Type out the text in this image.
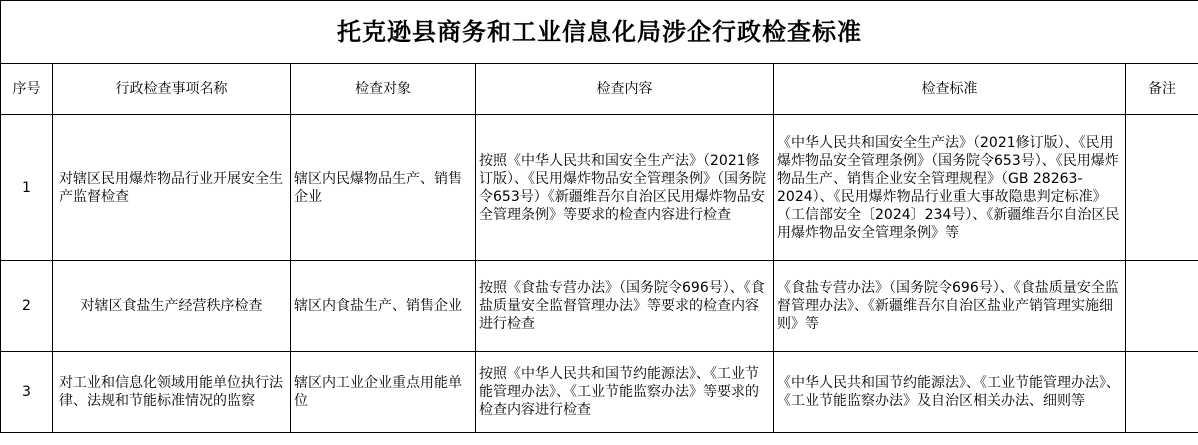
托克逊县商务和工业信息化局涉企行政检查标准					
序号	行政检查事项名称	检查对象	检查内容	检查标准	备注
1	对辖区民用爆炸物品行业开展安全生产监督检查	辖区内民爆物品生产、销售企业	按照《中华人民共和国安全生产法》（2021修订版）、《民用爆炸物品安全管理条例》（国务院令653号）《新疆维吾尔自治区民用爆炸物品安全管理条例》等要求的检查内容进行检查	《中华人民共和国安全生产法》（2021修订版）、《民用爆炸物品安全管理条例》（国务院令653号）、《民用爆炸物品生产、销售企业安全管理规程》（GB 28263-2024）、《民用爆炸物品行业重大事故隐患判定标准》（工信部安全〔2024〕234号）、《新疆维吾尔自治区民用爆炸物品安全管理条例》等	
2	对辖区食盐生产经营秩序检查	辖区内食盐生产、销售企业	按照《食盐专营办法》（国务院令696号）、《食盐质量安全监督管理办法》等要求的检查内容进行检查	《食盐专营办法》（国务院令696号）、《食盐质量安全监督管理办法》、《新疆维吾尔自治区盐业产销管理实施细则》等	
3	对工业和信息化领域用能单位执行法律、法规和节能标准情况的监察	辖区内工业企业重点用能单位	按照《中华人民共和国节约能源法》、《工业节能管理办法》、《工业节能监察办法》等要求的检查内容进行检查	《中华人民共和国节约能源法》、《工业节能管理办法》、《工业节能监察办法》及自治区相关办法、细则等	
